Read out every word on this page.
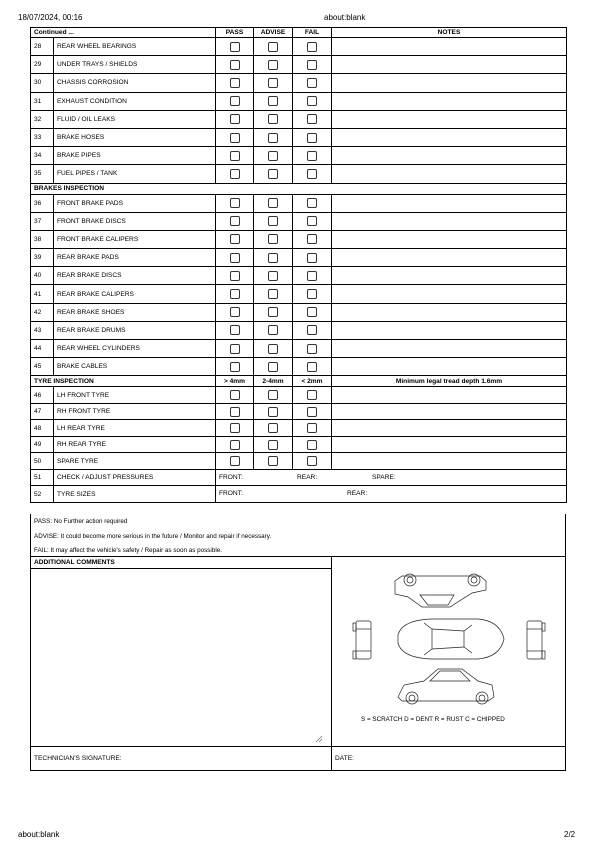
18/07/2024, 00:16	about:blank
Continued ...		PASS	ADVISE	FAIL	NOTES
28	REAR WHEEL BEARINGS				
29	UNDER TRAYS / SHIELDS				
30	CHASSIS CORROSION				
31	EXHAUST CONDITION				
32	FLUID / OIL LEAKS				
33	BRAKE HOSES				
34	BRAKE PIPES				
35	FUEL PIPES / TANK				
BRAKES INSPECTION					
36	FRONT BRAKE PADS				
37	FRONT BRAKE DISCS				
38	FRONT BRAKE CALIPERS				
39	REAR BRAKE PADS				
40	REAR BRAKE DISCS				
41	REAR BRAKE CALIPERS				
42	REAR BRAKE SHOES				
43	REAR BRAKE DRUMS				
44	REAR WHEEL CYLINDERS				
45	BRAKE CABLES				
TYRE INSPECTION		> 4mm	2-4mm	< 2mm	Minimum legal tread depth 1.6mm
46	LH FRONT TYRE				
47	RH FRONT TYRE				
48	LH REAR TYRE				
49	RH REAR TYRE				
50	SPARE TYRE				
51	CHECK / ADJUST PRESSURES	FRONT: REAR: SPARE:			

52	TYRE SIZES	FRONT: REAR:			
PASS: No Further action required
ADVISE: It could become more serious in the future / Monitor and repair if necessary.
FAIL: It may affect the vehicle's safety / Repair as soon as possible.
ADDITIONAL COMMENTS
TECHNICIAN'S SIGNATURE:	DATE:
S = SCRATCH D = DENT R = RUST C = CHIPPED
about:blank	2/2
